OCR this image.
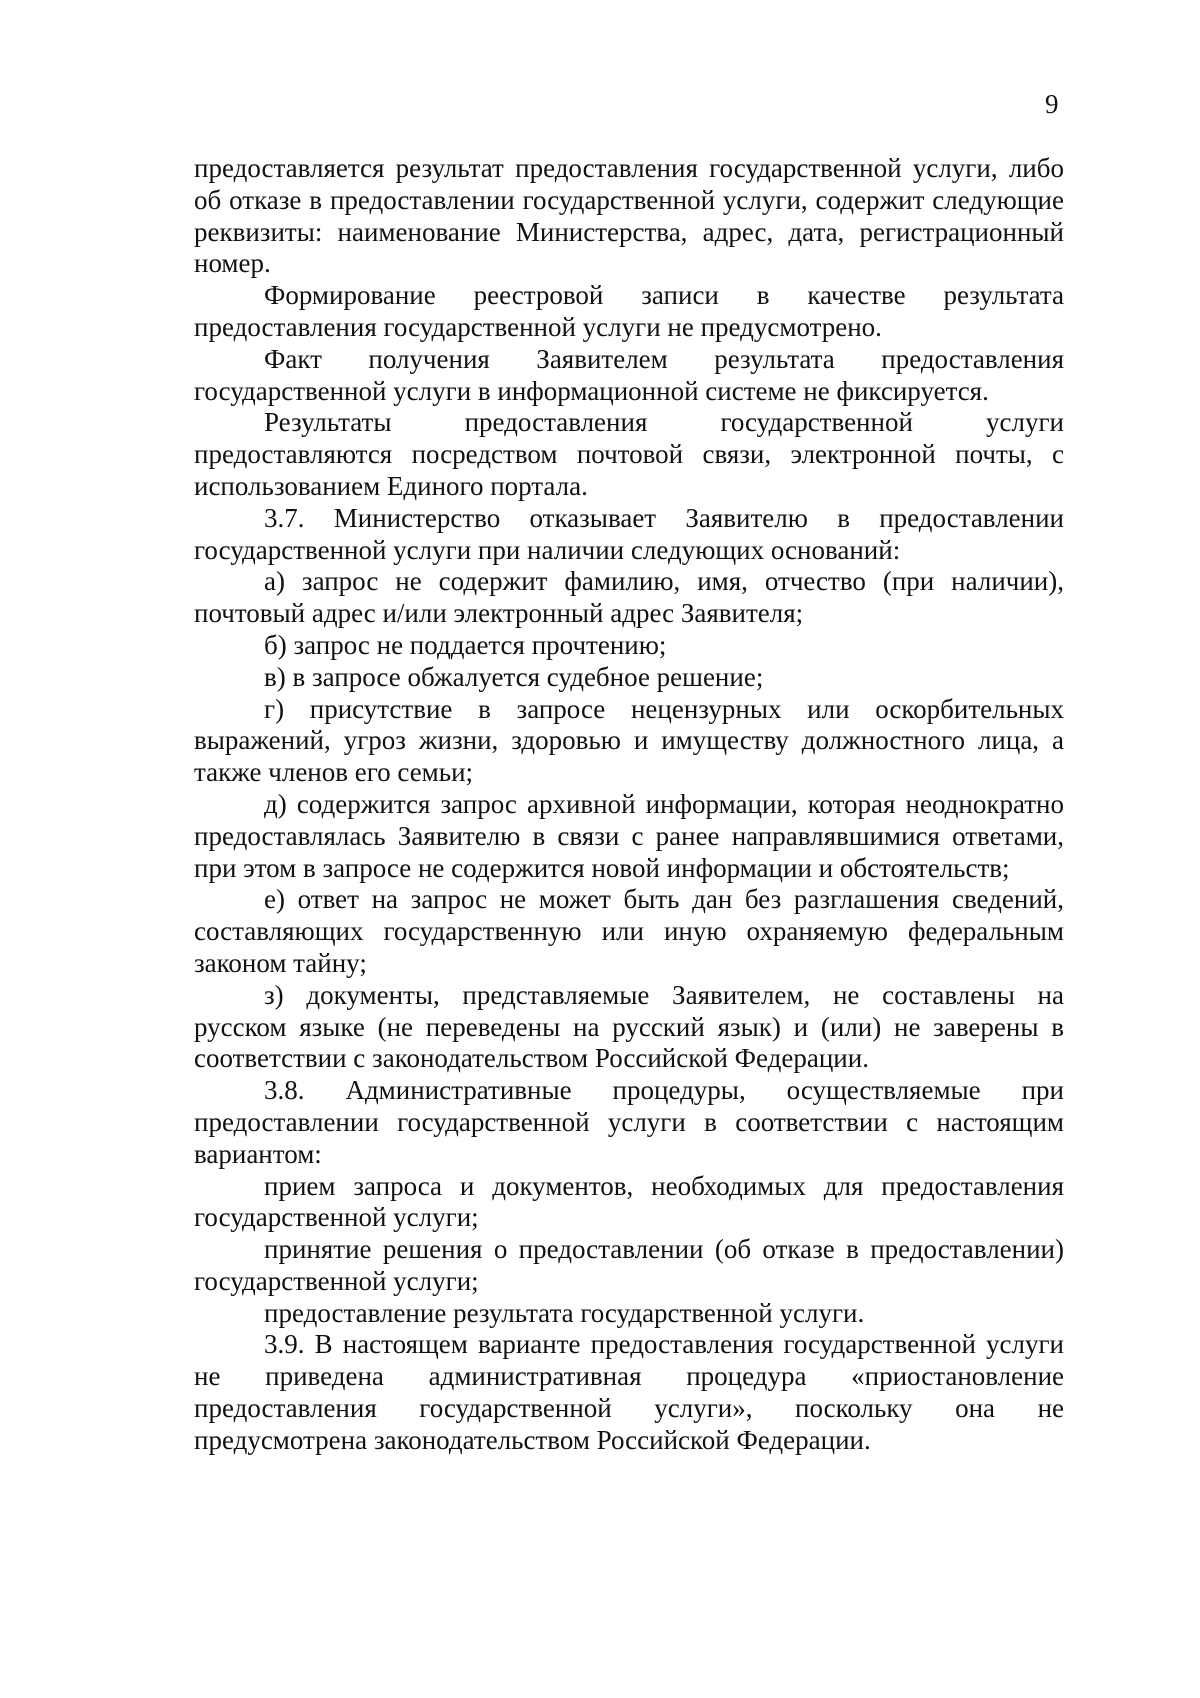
9

предоставляется результат предоставления государственной услуги, либо об отказе в предоставлении государственной услуги, содержит следующие реквизиты: наименование Министерства, адрес, дата, регистрационный номер.

Формирование реестровой записи в качестве результата предоставления государственной услуги не предусмотрено.

Факт получения Заявителем результата предоставления государственной услуги в информационной системе не фиксируется.

Результаты предоставления государственной услуги предоставляются посредством почтовой связи, электронной почты, с использованием Единого портала.

3.7. Министерство отказывает Заявителю в предоставлении государственной услуги при наличии следующих оснований:

а) запрос не содержит фамилию, имя, отчество (при наличии), почтовый адрес и/или электронный адрес Заявителя;

б) запрос не поддается прочтению;

в) в запросе обжалуется судебное решение;

г) присутствие в запросе нецензурных или оскорбительных выражений, угроз жизни, здоровью и имуществу должностного лица, а также членов его семьи;

д) содержится запрос архивной информации, которая неоднократно предоставлялась Заявителю в связи с ранее направлявшимися ответами, при этом в запросе не содержится новой информации и обстоятельств;

е) ответ на запрос не может быть дан без разглашения сведений, составляющих государственную или иную охраняемую федеральным законом тайну;

з) документы, представляемые Заявителем, не составлены на русском языке (не переведены на русский язык) и (или) не заверены в соответствии с законодательством Российской Федерации.

3.8. Административные процедуры, осуществляемые при предоставлении государственной услуги в соответствии с настоящим вариантом:

прием запроса и документов, необходимых для предоставления государственной услуги;

принятие решения о предоставлении (об отказе в предоставлении) государственной услуги;

предоставление результата государственной услуги.

3.9. В настоящем варианте предоставления государственной услуги не приведена административная процедура «приостановление предоставления государственной услуги», поскольку она не предусмотрена законодательством Российской Федерации.
